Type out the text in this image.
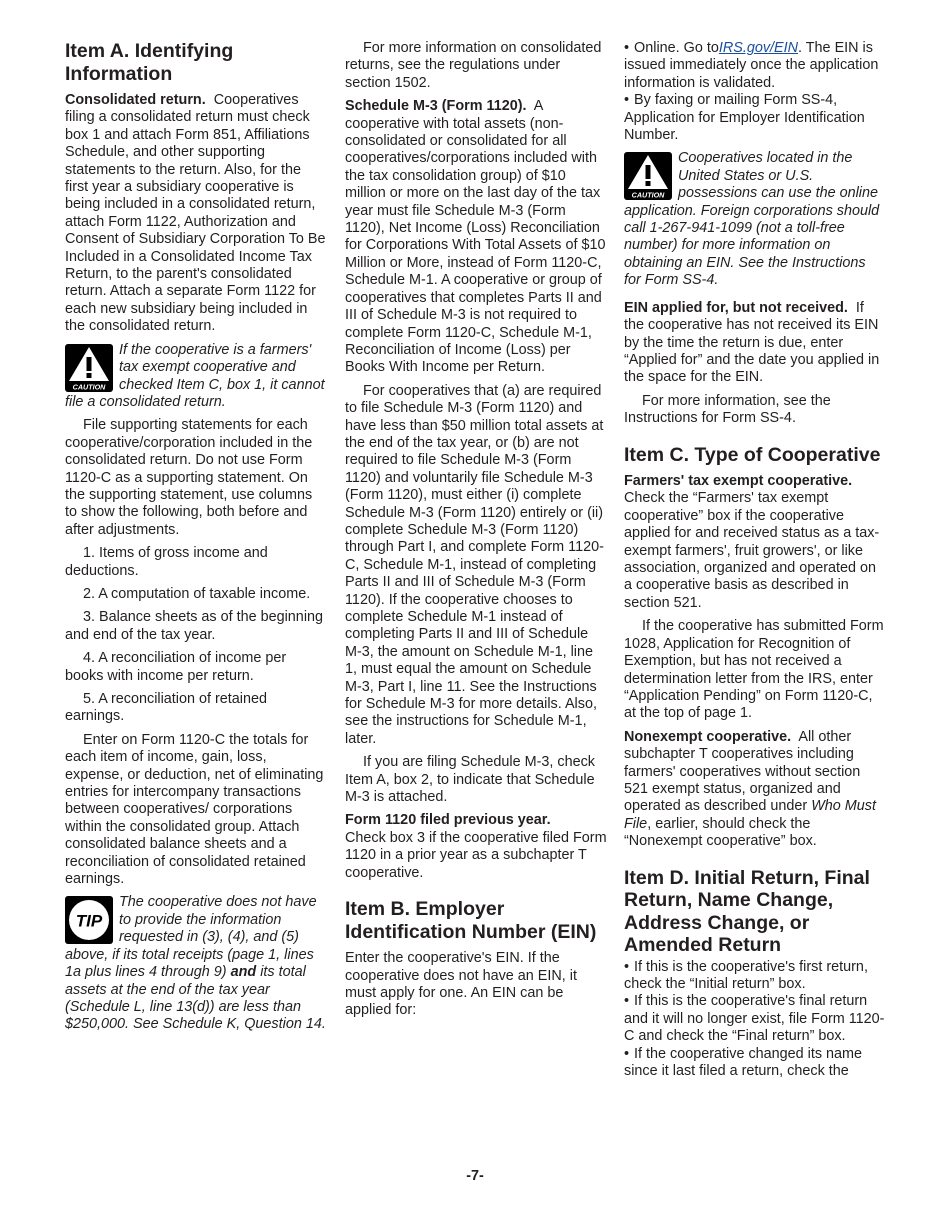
Item A. Identifying Information

Consolidated return. Cooperatives filing a consolidated return must check box 1 and attach Form 851, Affiliations Schedule, and other supporting statements to the return. Also, for the first year a subsidiary cooperative is being included in a consolidated return, attach Form 1122, Authorization and Consent of Subsidiary Corporation To Be Included in a Consolidated Income Tax Return, to the parent's consolidated return. Attach a separate Form 1122 for each new subsidiary being included in the consolidated return.

CAUTION
If the cooperative is a farmers' tax exempt cooperative and checked Item C, box 1, it cannot file a consolidated return.

File supporting statements for each cooperative/corporation included in the consolidated return. Do not use Form 1120-C as a supporting statement. On the supporting statement, use columns to show the following, both before and after adjustments.

1. Items of gross income and deductions.

2. A computation of taxable income.

3. Balance sheets as of the beginning and end of the tax year.

4. A reconciliation of income per books with income per return.

5. A reconciliation of retained earnings.

Enter on Form 1120-C the totals for each item of income, gain, loss, expense, or deduction, net of eliminating entries for intercompany transactions between cooperatives/ corporations within the consolidated group. Attach consolidated balance sheets and a reconciliation of consolidated retained earnings.

TIP
The cooperative does not have to provide the information requested in (3), (4), and (5) above, if its total receipts (page 1, lines 1a plus lines 4 through 9) and its total assets at the end of the tax year (Schedule L, line 13(d)) are less than $250,000. See Schedule K, Question 14.

For more information on consolidated returns, see the regulations under section 1502.

Schedule M-3 (Form 1120). A cooperative with total assets (non-consolidated or consolidated for all cooperatives/corporations included with the tax consolidation group) of $10 million or more on the last day of the tax year must file Schedule M-3 (Form 1120), Net Income (Loss) Reconciliation for Corporations With Total Assets of $10 Million or More, instead of Form 1120-C, Schedule M-1. A cooperative or group of cooperatives that completes Parts II and III of Schedule M-3 is not required to complete Form 1120-C, Schedule M-1, Reconciliation of Income (Loss) per Books With Income per Return.

For cooperatives that (a) are required to file Schedule M-3 (Form 1120) and have less than $50 million total assets at the end of the tax year, or (b) are not required to file Schedule M-3 (Form 1120) and voluntarily file Schedule M-3 (Form 1120), must either (i) complete Schedule M-3 (Form 1120) entirely or (ii) complete Schedule M-3 (Form 1120) through Part I, and complete Form 1120-C, Schedule M-1, instead of completing Parts II and III of Schedule M-3 (Form 1120). If the cooperative chooses to complete Schedule M-1 instead of completing Parts II and III of Schedule M-3, the amount on Schedule M-1, line 1, must equal the amount on Schedule M-3, Part I, line 11. See the Instructions for Schedule M-3 for more details. Also, see the instructions for Schedule M-1, later.

If you are filing Schedule M-3, check Item A, box 2, to indicate that Schedule M-3 is attached.

Form 1120 filed previous year.
Check box 3 if the cooperative filed Form 1120 in a prior year as a subchapter T cooperative.

Item B. Employer Identification Number (EIN)

Enter the cooperative's EIN. If the cooperative does not have an EIN, it must apply for one. An EIN can be applied for:

• Online. Go toIRS.gov/EIN. The EIN is issued immediately once the application information is validated.

• By faxing or mailing Form SS-4, Application for Employer Identification Number.

CAUTION
Cooperatives located in the United States or U.S. possessions can use the online application. Foreign corporations should call 1-267-941-1099 (not a toll-free number) for more information on obtaining an EIN. See the Instructions for Form SS-4.

EIN applied for, but not received. If the cooperative has not received its EIN by the time the return is due, enter “Applied for” and the date you applied in the space for the EIN.

For more information, see the Instructions for Form SS-4.

Item C. Type of Cooperative

Farmers' tax exempt cooperative.
Check the “Farmers' tax exempt cooperative” box if the cooperative applied for and received status as a tax-exempt farmers', fruit growers', or like association, organized and operated on a cooperative basis as described in section 521.

If the cooperative has submitted Form 1028, Application for Recognition of Exemption, but has not received a determination letter from the IRS, enter “Application Pending” on Form 1120-C, at the top of page 1.

Nonexempt cooperative. All other subchapter T cooperatives including farmers' cooperatives without section 521 exempt status, organized and operated as described under Who Must File, earlier, should check the “Nonexempt cooperative” box.

Item D. Initial Return, Final Return, Name Change, Address Change, or Amended Return

• If this is the cooperative's first return, check the “Initial return” box.

• If this is the cooperative's final return and it will no longer exist, file Form 1120-C and check the “Final return” box.

• If the cooperative changed its name since it last filed a return, check the

-7-
